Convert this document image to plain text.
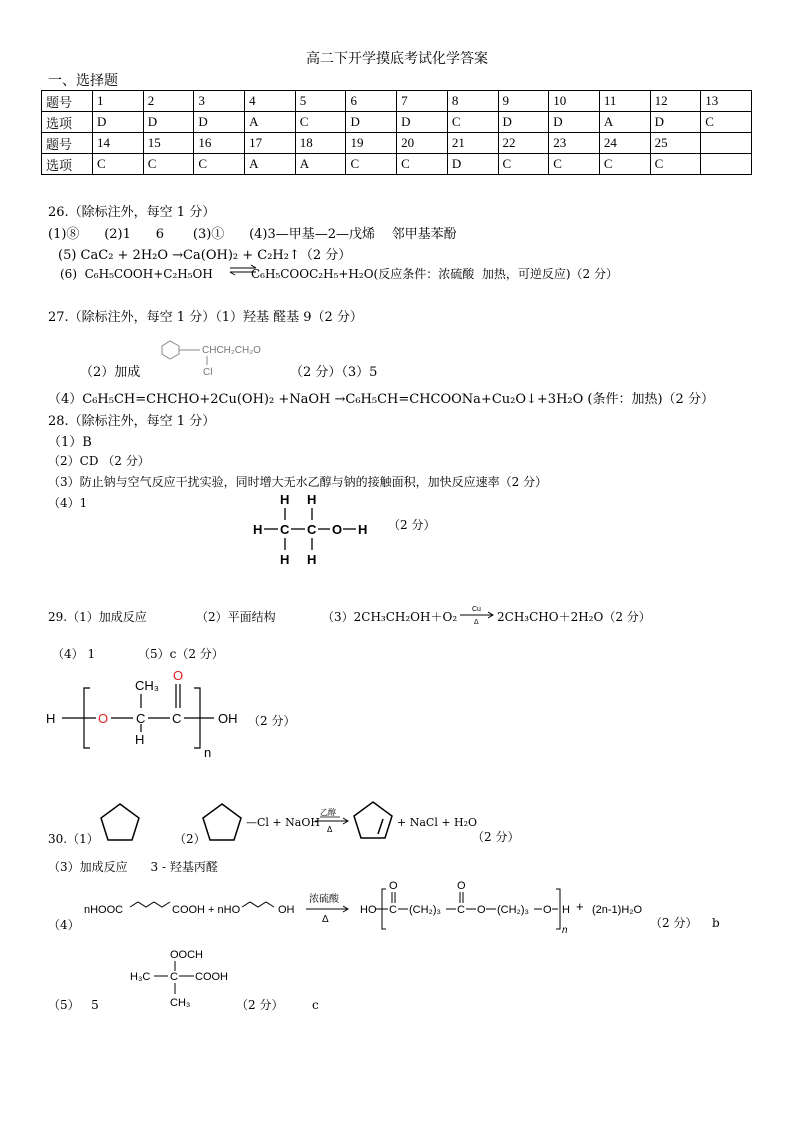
高二下开学摸底考试化学答案
一、选择题
题号	1	2	3	4	5	6	7	8	9	10	11	12	13
选项	D	D	D	A	C	D	D	C	D	D	A	D	C
题号	14	15	16	17	18	19	20	21	22	23	24	25	
选项	C	C	C	A	A	C	C	D	C	C	C	C	
26.（除标注外，每空 1 分）
(1)⑧      (2)1      6       (3)①      (4)3—甲基—2—戊烯    邻甲基苯酚
(5) CaC₂ + 2H₂O →Ca(OH)₂ + C₂H₂↑（2 分）
(6)  C₆H₅COOH+C₂H₅OH          C₆H₅COOC₂H₅+H₂O(反应条件：浓硫酸  加热，可逆反应)（2 分）
27.（除标注外，每空 1 分）（1）羟基 醛基 9（2 分）
（2）加成
CHCH₂CH₂O
Cl	（2 分）（3）5
（4）C₆H₅CH=CHCHO+2Cu(OH)₂ +NaOH →C₆H₅CH=CHCOONa+Cu₂O↓+3H₂O (条件：加热)（2 分）
28.（除标注外，每空 1 分）
（1）B
（2）CD （2 分）
（3）防止钠与空气反应干扰实验，同时增大无水乙醇与钠的接触面积，加快反应速率（2 分）
（4）1
H C C O H
H H
H H
（2 分）
29.（1）加成反应	（2）平面结构	（3）2CH₃CH₂OH＋O₂
Cu
Δ 2CH₃CHO＋2H₂O（2 分）
（4） 1	（5）c（2 分）
H
CH₃
O
O C C
H
OH
n
（2 分）
30.（1）	（2）
—Cl + NaOH
乙醇
Δ
+ NaCl + H₂O
（2 分）
（3）加成反应      3 - 羟基丙醛
（4）
nHOOC	COOH + nHO	OH
浓硫酸
Δ
HO C
O
(CH₂)₃ C
O
O (CH₂)₃ O H
n
+ (2n-1)H₂O
（2 分） b
（5）   5
OOCH
H₃C C COOH
CH₃	（2 分） c
